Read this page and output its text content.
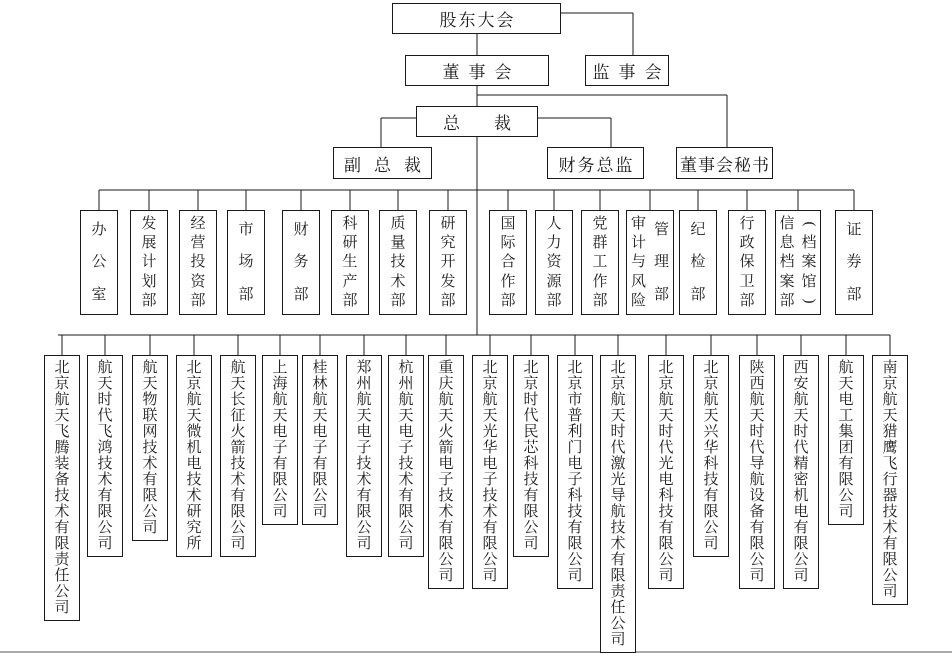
股东大会
董事会	监事会
总裁
副总裁	财务总监	董事会秘书
办
公
室
发
展
计
划
部
经
营
投
资
部
市
场
部
财
务
部
科
研
生
产
部
质
量
技
术
部
研
究
开
发
部
国
际
合
作
部
人
力
资
源
部
党
群
工
作
部
审
计
与
风
险
管
理
部
纪
检
部
行
政
保
卫
部
信
息
档
案
部
(
档
案
馆
)
证
券
部
北
京
航
天
飞
腾
装
备
技
术
有
限
责
任
公
司
航
天
时
代
飞
鸿
技
术
有
限
公
司
航
天
物
联
网
技
术
有
限
公
司
北
京
航
天
微
机
电
技
术
研
究
所
航
天
长
征
火
箭
技
术
有
限
公
司
上
海
航
天
电
子
有
限
公
司
桂
林
航
天
电
子
有
限
公
司
郑
州
航
天
电
子
技
术
有
限
公
司
杭
州
航
天
电
子
技
术
有
限
公
司
重
庆
航
天
火
箭
电
子
技
术
有
限
公
司
北
京
航
天
光
华
电
子
技
术
有
限
公
司
北
京
时
代
民
芯
科
技
有
限
公
司
北
京
市
普
利
门
电
子
科
技
有
限
公
司
北
京
航
天
时
代
激
光
导
航
技
术
有
限
责
任
公
司
北
京
航
天
时
代
光
电
科
技
有
限
公
司
北
京
航
天
兴
华
科
技
有
限
公
司
陕
西
航
天
时
代
导
航
设
备
有
限
公
司
西
安
航
天
时
代
精
密
机
电
有
限
公
司
航
天
电
工
集
团
有
限
公
司
南
京
航
天
猎
鹰
飞
行
器
技
术
有
限
公
司
